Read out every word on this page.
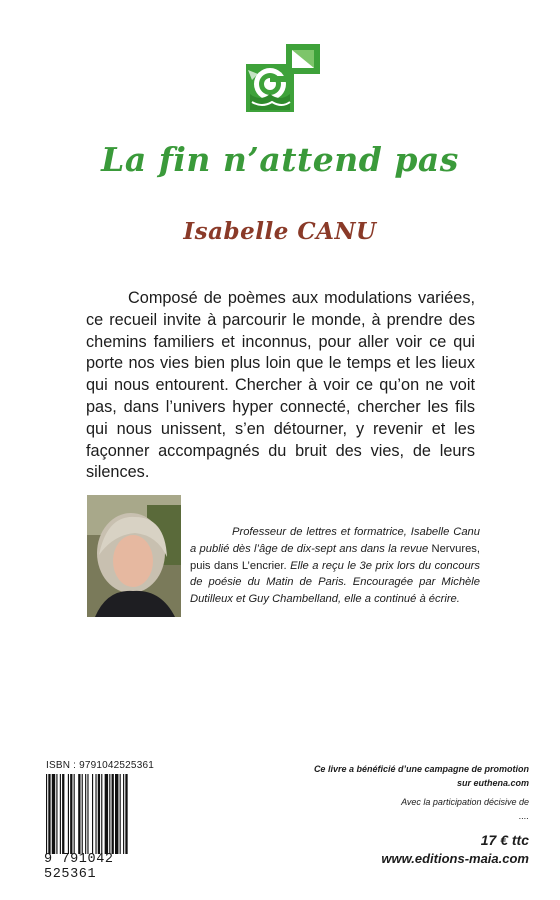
La fin n’attend pas
Isabelle CANU

Composé de poèmes aux modulations variées, ce recueil invite à parcourir le monde, à prendre des chemins familiers et inconnus, pour aller voir ce qui porte nos vies bien plus loin que le temps et les lieux qui nous entourent. Chercher à voir ce qu’on ne voit pas, dans l’univers hyper connecté, chercher les fils qui nous unissent, s’en détourner, y revenir et les façonner accompagnés du bruit des vies, de leurs silences.

Professeur de lettres et formatrice, Isabelle Canu a publié dès l’âge de dix-sept ans dans la revue Nervures, puis dans L’encrier. Elle a reçu le 3e prix lors du concours de poésie du Matin de Paris. Encouragée par Michèle Dutilleux et Guy Chambelland, elle a continué à écrire.

ISBN : 9791042525361
9 791042 525361
Ce livre a bénéficié d’une campagne de promotion
sur euthena.com
Avec la participation décisive de
....
17 € ttc
www.editions-maia.com
